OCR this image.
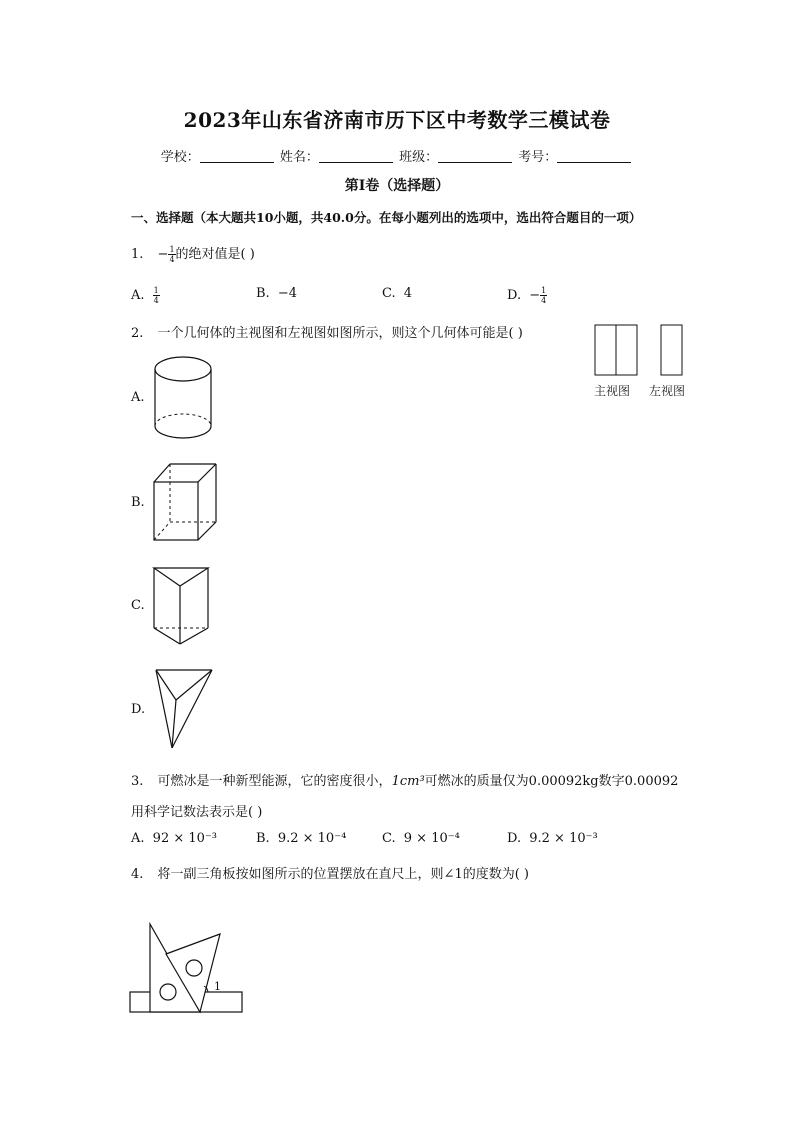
2023年山东省济南市历下区中考数学三模试卷
学校：	姓名：	班级：	考号：
第I卷（选择题）
一、选择题（本大题共10小题，共40.0分。在每小题列出的选项中，选出符合题目的一项）
1. − $\frac{1}{4}$ 的绝对值是( )
A. $\frac{1}{4}$	B. −4	C. 4	D. − $\frac{1}{4}$
2. 一个几何体的主视图和左视图如图所示，则这个几何体可能是( )
主视图 左视图
A.
B.
C.
D.
3. 可燃冰是一种新型能源，它的密度很小，1cm³可燃冰的质量仅为0.00092kg数字0.00092
用科学记数法表示是( )
A. 92 × 10⁻³	B. 9.2 × 10⁻⁴	C. 9 × 10⁻⁴	D. 9.2 × 10⁻³
4. 将一副三角板按如图所示的位置摆放在直尺上，则∠1的度数为( )
1
